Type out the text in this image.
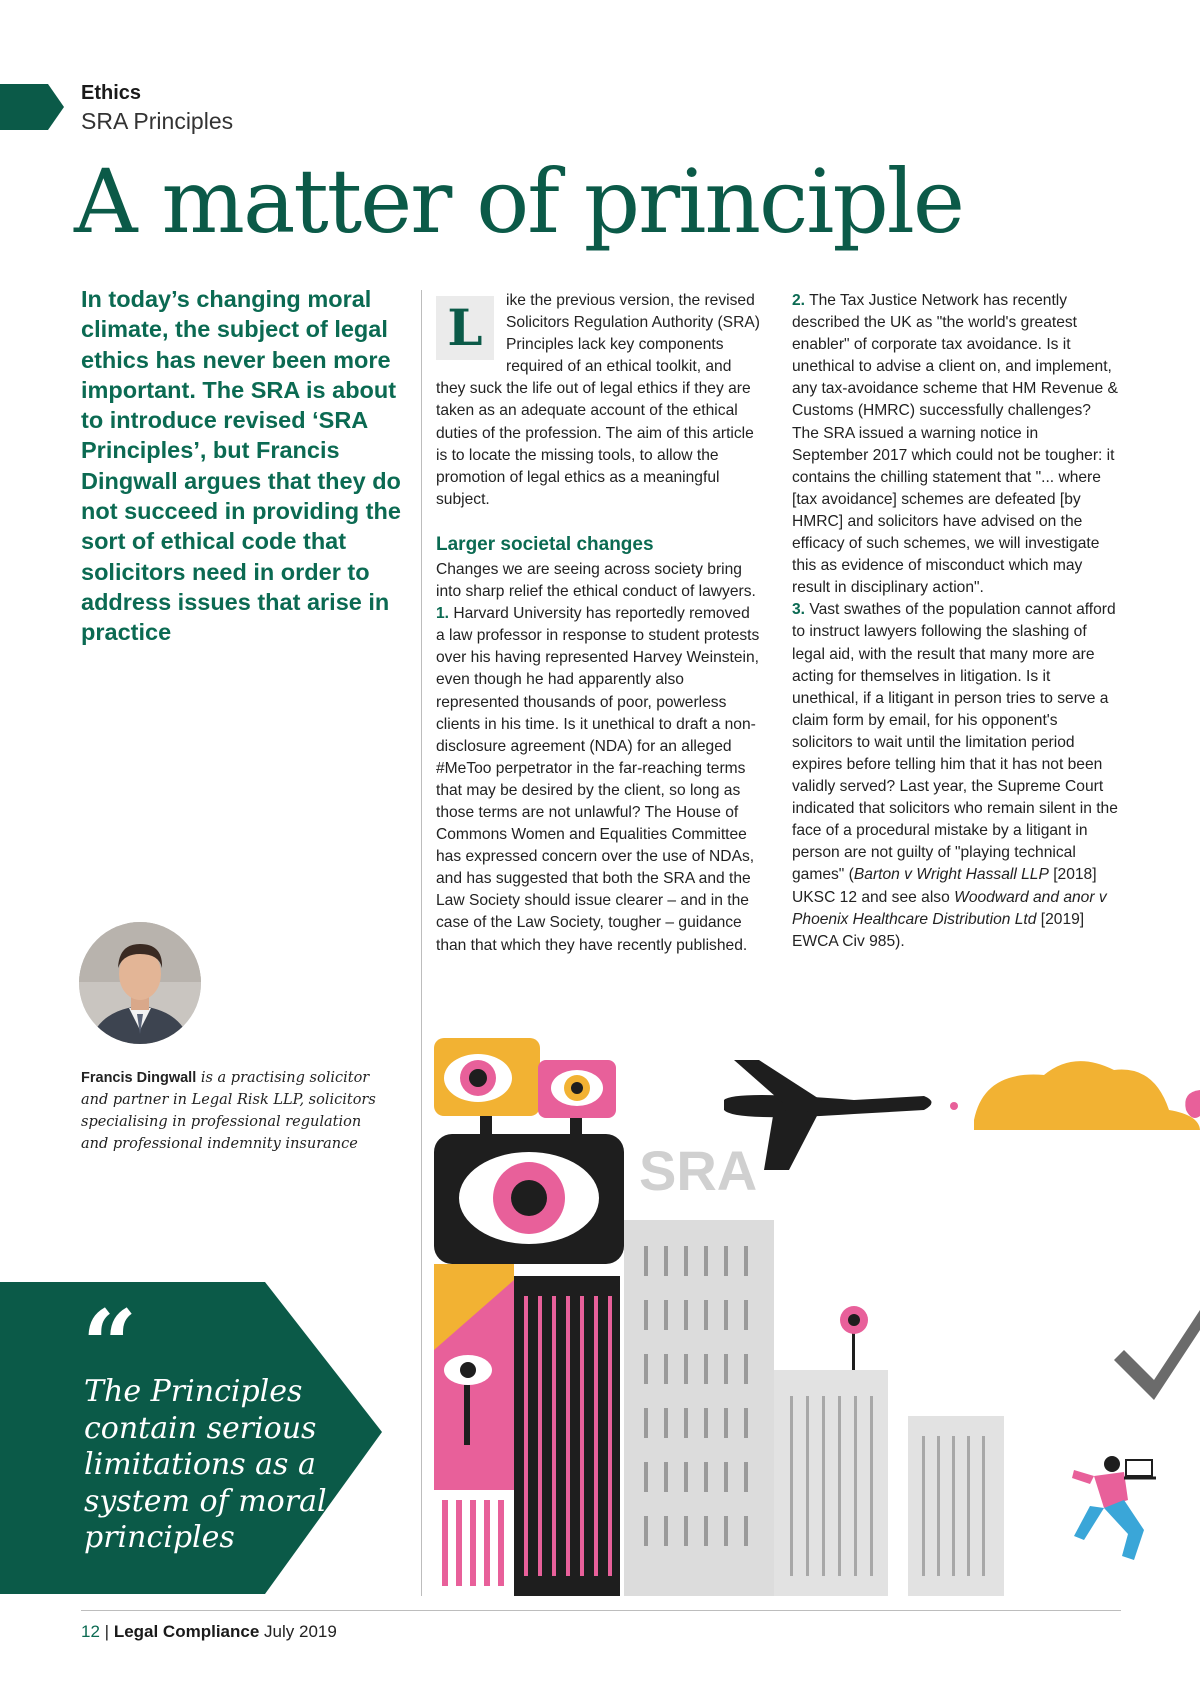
Ethics
SRA Principles
A matter of principle
In today’s changing moral climate, the subject of legal ethics has never been more important. The SRA is about to introduce revised ‘SRA Principles’, but Francis Dingwall argues that they do not succeed in providing the sort of ethical code that solicitors need in order to address issues that arise in practice

L	ike the previous version, the revised Solicitors Regulation Authority (SRA) Principles lack key components required of an ethical toolkit, and they suck the life out of legal ethics if they are taken as an adequate account of the ethical duties of the profession. The aim of this article is to locate the missing tools, to allow the promotion of legal ethics as a meaningful subject.

Larger societal changes

Changes we are seeing across society bring into sharp relief the ethical conduct of lawyers.

1. Harvard University has reportedly removed a law professor in response to student protests over his having represented Harvey Weinstein, even though he had apparently also represented thousands of poor, powerless clients in his time. Is it unethical to draft a non-disclosure agreement (NDA) for an alleged #MeToo perpetrator in the far-reaching terms that may be desired by the client, so long as those terms are not unlawful? The House of Commons Women and Equalities Committee has expressed concern over the use of NDAs, and has suggested that both the SRA and the Law Society should issue clearer – and in the case of the Law Society, tougher – guidance than that which they have recently published.

2. The Tax Justice Network has recently described the UK as "the world's greatest enabler" of corporate tax avoidance. Is it unethical to advise a client on, and implement, any tax-avoidance scheme that HM Revenue & Customs (HMRC) successfully challenges? The SRA issued a warning notice in September 2017 which could not be tougher: it contains the chilling statement that "... where [tax avoidance] schemes are defeated [by HMRC] and solicitors have advised on the efficacy of such schemes, we will investigate this as evidence of misconduct which may result in disciplinary action".

3. Vast swathes of the population cannot afford to instruct lawyers following the slashing of legal aid, with the result that many more are acting for themselves in litigation. Is it unethical, if a litigant in person tries to serve a claim form by email, for his opponent's solicitors to wait until the limitation period expires before telling him that it has not been validly served? Last year, the Supreme Court indicated that solicitors who remain silent in the face of a procedural mistake by a litigant in person are not guilty of "playing technical games" (Barton v Wright Hassall LLP [2018] UKSC 12 and see also Woodward and anor v Phoenix Healthcare Distribution Ltd [2019] EWCA Civ 985).

Francis Dingwall is a practising solicitor and partner in Legal Risk LLP, solicitors specialising in professional regulation and professional indemnity insurance
“
The Principles contain serious limitations as a system of moral principles
SRA
12 | Legal Compliance July 2019
